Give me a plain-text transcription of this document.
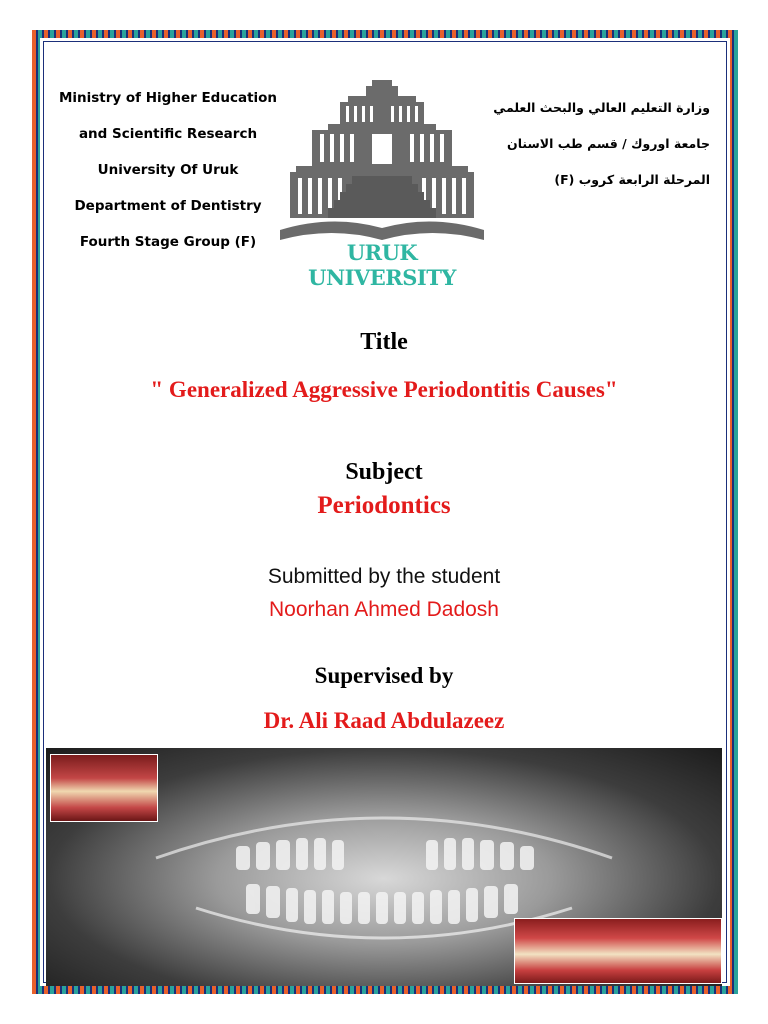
Ministry of Higher Education
and Scientific Research
University Of Uruk
Department of Dentistry
Fourth Stage Group (F)
وزارة التعليم العالي والبحث العلمي
جامعة اوروك / قسم طب الاسنان
المرحلة الرابعة كروب (F)
URUK UNIVERSITY
Title
" Generalized Aggressive Periodontitis Causes"
Subject
Periodontics
Submitted by the student
Noorhan Ahmed Dadosh
Supervised by
Dr. Ali Raad Abdulazeez
